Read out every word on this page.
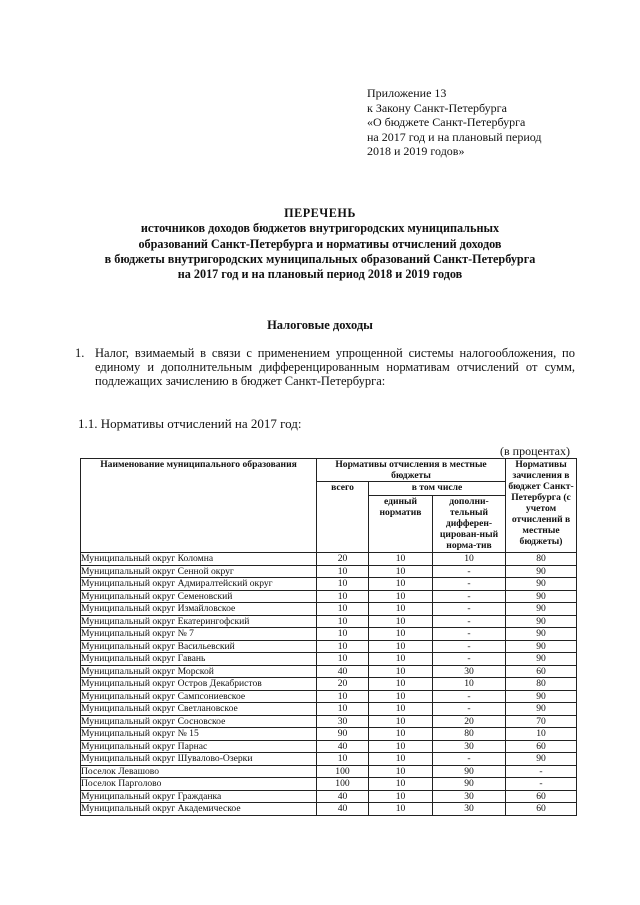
Приложение 13
к Закону Санкт-Петербурга
«О бюджете Санкт-Петербурга
на 2017 год и на плановый период
2018 и 2019 годов»
ПЕРЕЧЕНЬ
источников доходов бюджетов внутригородских муниципальных
образований Санкт-Петербурга и нормативы отчислений доходов
в бюджеты внутригородских муниципальных образований Санкт-Петербурга
на 2017 год и на плановый период 2018 и 2019 годов
Налоговые доходы
1. Налог, взимаемый в связи с применением упрощенной системы налогообложения, по единому и дополнительным дифференцированным нормативам отчислений от сумм, подлежащих зачислению в бюджет Санкт-Петербурга:
1.1. Нормативы отчислений на 2017 год:
(в процентах)
Наименование муниципального образования	Нормативы отчисления в местные бюджеты			Нормативы зачисления в бюджет Санкт-Петербурга (с учетом отчислений в местные бюджеты)
	всего	в том числе		
		единый норматив	дополни-тельный дифферен-цирован-ный норма-тив	
Муниципальный округ Коломна	20	10	10	80
Муниципальный округ Сенной округ	10	10	-	90
Муниципальный округ Адмиралтейский округ	10	10	-	90
Муниципальный округ Семеновский	10	10	-	90
Муниципальный округ Измайловское	10	10	-	90
Муниципальный округ Екатерингофский	10	10	-	90
Муниципальный округ № 7	10	10	-	90
Муниципальный округ Васильевский	10	10	-	90
Муниципальный округ Гавань	10	10	-	90
Муниципальный округ Морской	40	10	30	60
Муниципальный округ Остров Декабристов	20	10	10	80
Муниципальный округ Сампсониевское	10	10	-	90
Муниципальный округ Светлановское	10	10	-	90
Муниципальный округ Сосновское	30	10	20	70
Муниципальный округ № 15	90	10	80	10
Муниципальный округ Парнас	40	10	30	60
Муниципальный округ Шувалово-Озерки	10	10	-	90
Поселок Левашово	100	10	90	-
Поселок Парголово	100	10	90	-
Муниципальный округ Гражданка	40	10	30	60
Муниципальный округ Академическое	40	10	30	60
